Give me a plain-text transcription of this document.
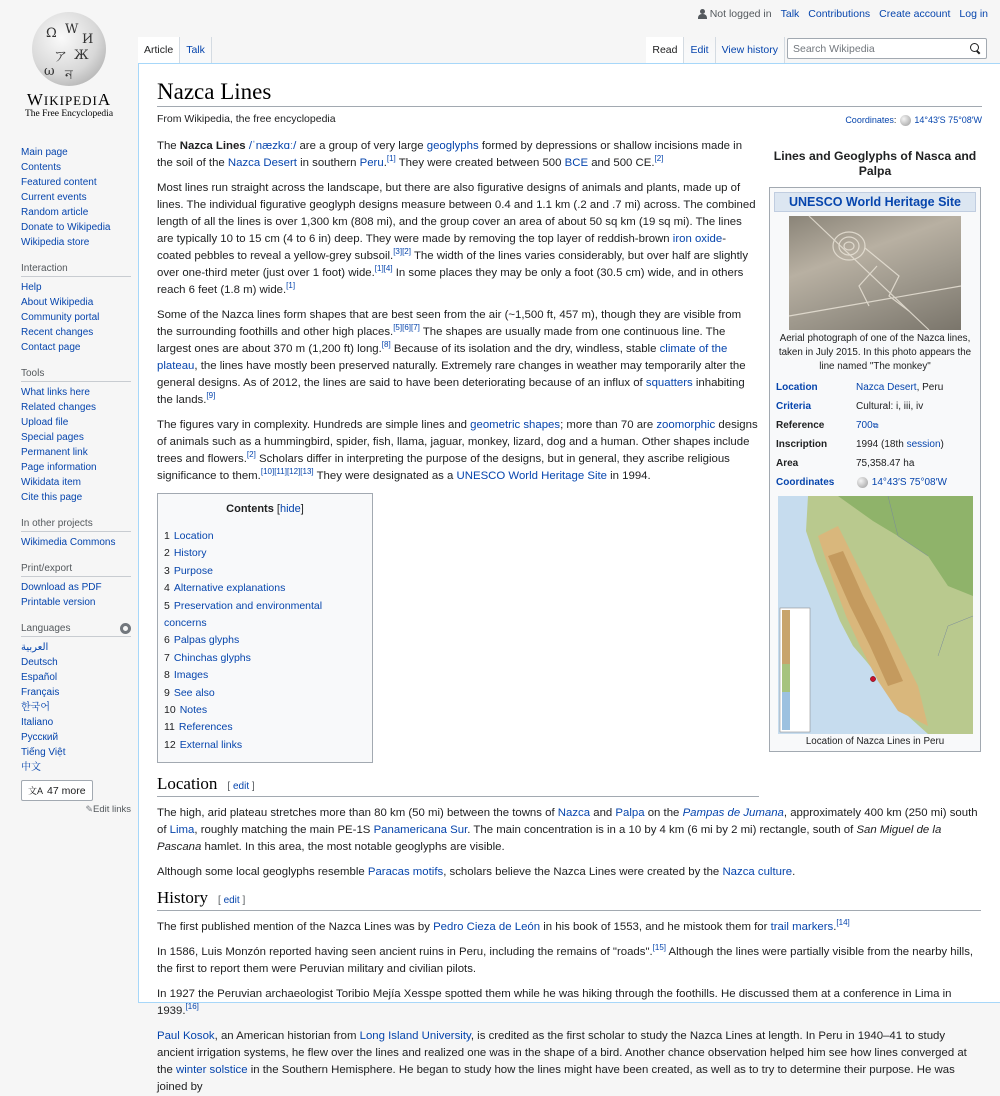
Not logged in Talk Contributions Create account Log in
Ω W
И
ア Ж
ω ন
WIKIPEDIA
The Free Encyclopedia
Main page
Contents
Featured content
Current events
Random article
Donate to Wikipedia
Wikipedia store
Interaction
Help
About Wikipedia
Community portal
Recent changes
Contact page
Tools
What links here
Related changes
Upload file
Special pages
Permanent link
Page information
Wikidata item
Cite this page
In other projects
Wikimedia Commons
Print/export
Download as PDF
Printable version
Languages
العربية
Deutsch
Español
Français
한국어
Italiano
Русский
Tiếng Việt
中文
文A 47 more
✎Edit links
Article	Talk	Read	Edit	View history
Search Wikipedia
Nazca Lines
Coordinates:  14°43′S 75°08′W
From Wikipedia, the free encyclopedia
Lines and Geoglyphs of Nasca and Palpa
UNESCO World Heritage Site
Aerial photograph of one of the Nazca lines, taken in July 2015. In this photo appears the line named "The monkey"
Location	Nazca Desert, Peru
Criteria	Cultural: i, iii, iv
Reference	700⧉
Inscription	1994 (18th session)
Area	75,358.47 ha
Coordinates	14°43′S 75°08′W
Location of Nazca Lines in Peru

The Nazca Lines /ˈnæzkɑː/ are a group of very large geoglyphs formed by depressions or shallow incisions made in the soil of the Nazca Desert in southern Peru.[1] They were created between 500 BCE and 500 CE.[2]

Most lines run straight across the landscape, but there are also figurative designs of animals and plants, made up of lines. The individual figurative geoglyph designs measure between 0.4 and 1.1 km (.2 and .7 mi) across. The combined length of all the lines is over 1,300 km (808 mi), and the group cover an area of about 50 sq km (19 sq mi). The lines are typically 10 to 15 cm (4 to 6 in) deep. They were made by removing the top layer of reddish-brown iron oxide-coated pebbles to reveal a yellow-grey subsoil.[3][2] The width of the lines varies considerably, but over half are slightly over one-third meter (just over 1 foot) wide.[1][4] In some places they may be only a foot (30.5 cm) wide, and in others reach 6 feet (1.8 m) wide.[1]

Some of the Nazca lines form shapes that are best seen from the air (~1,500 ft, 457 m), though they are visible from the surrounding foothills and other high places.[5][6][7] The shapes are usually made from one continuous line. The largest ones are about 370 m (1,200 ft) long.[8] Because of its isolation and the dry, windless, stable climate of the plateau, the lines have mostly been preserved naturally. Extremely rare changes in weather may temporarily alter the general designs. As of 2012, the lines are said to have been deteriorating because of an influx of squatters inhabiting the lands.[9]

The figures vary in complexity. Hundreds are simple lines and geometric shapes; more than 70 are zoomorphic designs of animals such as a hummingbird, spider, fish, llama, jaguar, monkey, lizard, dog and a human. Other shapes include trees and flowers.[2] Scholars differ in interpreting the purpose of the designs, but in general, they ascribe religious significance to them.[10][11][12][13] They were designated as a UNESCO World Heritage Site in 1994.

Contents [hide]
1 Location
2 History
3 Purpose
4 Alternative explanations
5 Preservation and environmental concerns
6 Palpas glyphs
7 Chinchas glyphs
8 Images
9 See also
10 Notes
11 References
12 External links
Location [ edit ]

The high, arid plateau stretches more than 80 km (50 mi) between the towns of Nazca and Palpa on the Pampas de Jumana, approximately 400 km (250 mi) south of Lima, roughly matching the main PE-1S Panamericana Sur. The main concentration is in a 10 by 4 km (6 mi by 2 mi) rectangle, south of San Miguel de la Pascana hamlet. In this area, the most notable geoglyphs are visible.

Although some local geoglyphs resemble Paracas motifs, scholars believe the Nazca Lines were created by the Nazca culture.

History [ edit ]

The first published mention of the Nazca Lines was by Pedro Cieza de León in his book of 1553, and he mistook them for trail markers.[14]

In 1586, Luis Monzón reported having seen ancient ruins in Peru, including the remains of "roads".[15] Although the lines were partially visible from the nearby hills, the first to report them were Peruvian military and civilian pilots.

In 1927 the Peruvian archaeologist Toribio Mejía Xesspe spotted them while he was hiking through the foothills. He discussed them at a conference in Lima in 1939.[16]

Paul Kosok, an American historian from Long Island University, is credited as the first scholar to study the Nazca Lines at length. In Peru in 1940–41 to study ancient irrigation systems, he flew over the lines and realized one was in the shape of a bird. Another chance observation helped him see how lines converged at the winter solstice in the Southern Hemisphere. He began to study how the lines might have been created, as well as to try to determine their purpose. He was joined by
